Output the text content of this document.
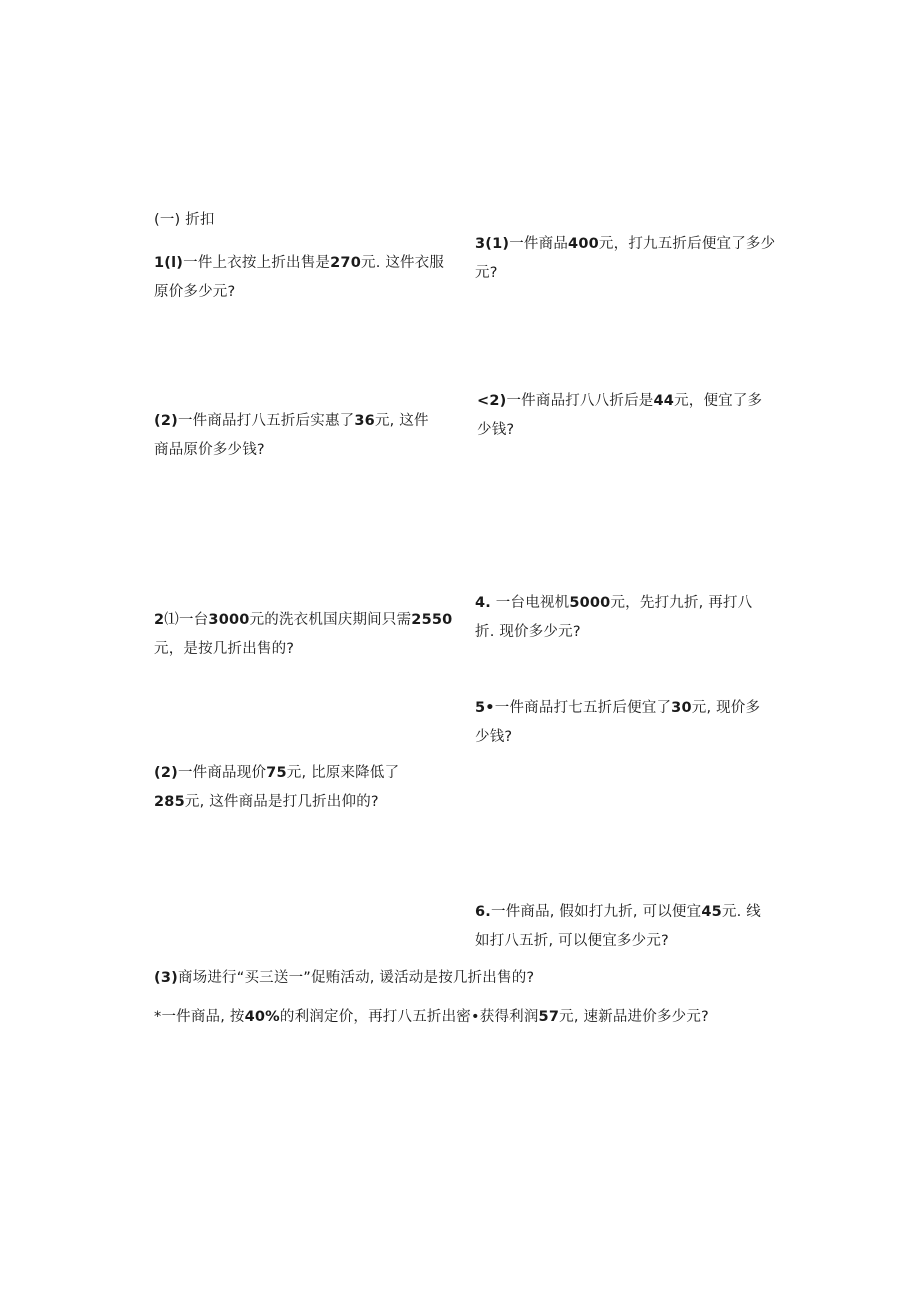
(一) 折扣
1(l)一件上衣按上折出售是270元. 这件衣服
原价多少元?
(2)一件商品打八五折后实惠了36元, 这件
商品原价多少钱?
2⑴一台3000元的洗衣机国庆期间只需2550
元，是按几折出售的?
(2)一件商品现价75元, 比原来降低了
285元, 这件商品是打几折出仰的?
3(1)一件商品400元，打九五折后便宜了多少
元?
<2)一件商品打八八折后是44元，便宜了多
少钱?
4. 一台电视机5000元，先打九折, 再打八
折. 现价多少元?
5•一件商品打七五折后便宜了30元, 现价多
少钱?
6.一件商品, 假如打九折, 可以便宜45元. 线
如打八五折, 可以便宜多少元?
(3)商场进行“买三送一”促贿活动, 谖活动是按几折出售的?
*一件商品, 按40%的利润定价，再打八五折出密•获得利润57元, 速新品进价多少元?
